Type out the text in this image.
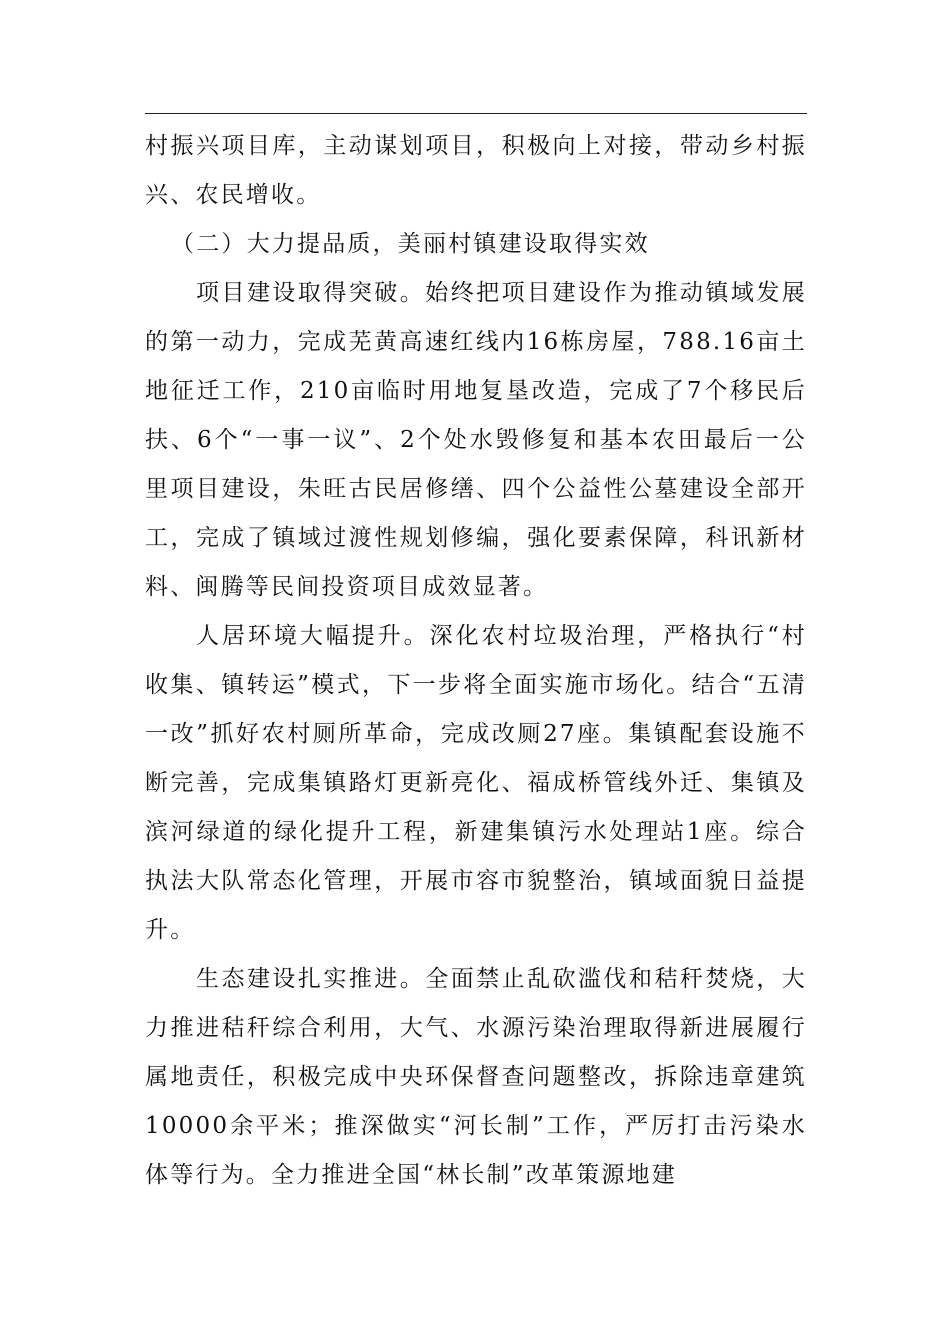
村振兴项目库，主动谋划项目，积极向上对接，带动乡村振兴、农民增收。

（二）大力提品质，美丽村镇建设取得实效

项目建设取得突破。始终把项目建设作为推动镇域发展的第一动力，完成芜黄高速红线内16栋房屋，788.16亩土地征迁工作，210亩临时用地复垦改造，完成了7个移民后扶、6个“一事一议”、2个处水毁修复和基本农田最后一公里项目建设，朱旺古民居修缮、四个公益性公墓建设全部开工，完成了镇域过渡性规划修编，强化要素保障，科讯新材料、闽腾等民间投资项目成效显著。

人居环境大幅提升。深化农村垃圾治理，严格执行“村收集、镇转运”模式，下一步将全面实施市场化。结合“五清一改”抓好农村厕所革命，完成改厕27座。集镇配套设施不断完善，完成集镇路灯更新亮化、福成桥管线外迁、集镇及滨河绿道的绿化提升工程，新建集镇污水处理站1座。综合执法大队常态化管理，开展市容市貌整治，镇域面貌日益提升。

生态建设扎实推进。全面禁止乱砍滥伐和秸秆焚烧，大力推进秸秆综合利用，大气、水源污染治理取得新进展履行属地责任，积极完成中央环保督查问题整改，拆除违章建筑10000余平米；推深做实“河长制”工作，严厉打击污染水体等行为。全力推进全国“林长制”改革策源地建
